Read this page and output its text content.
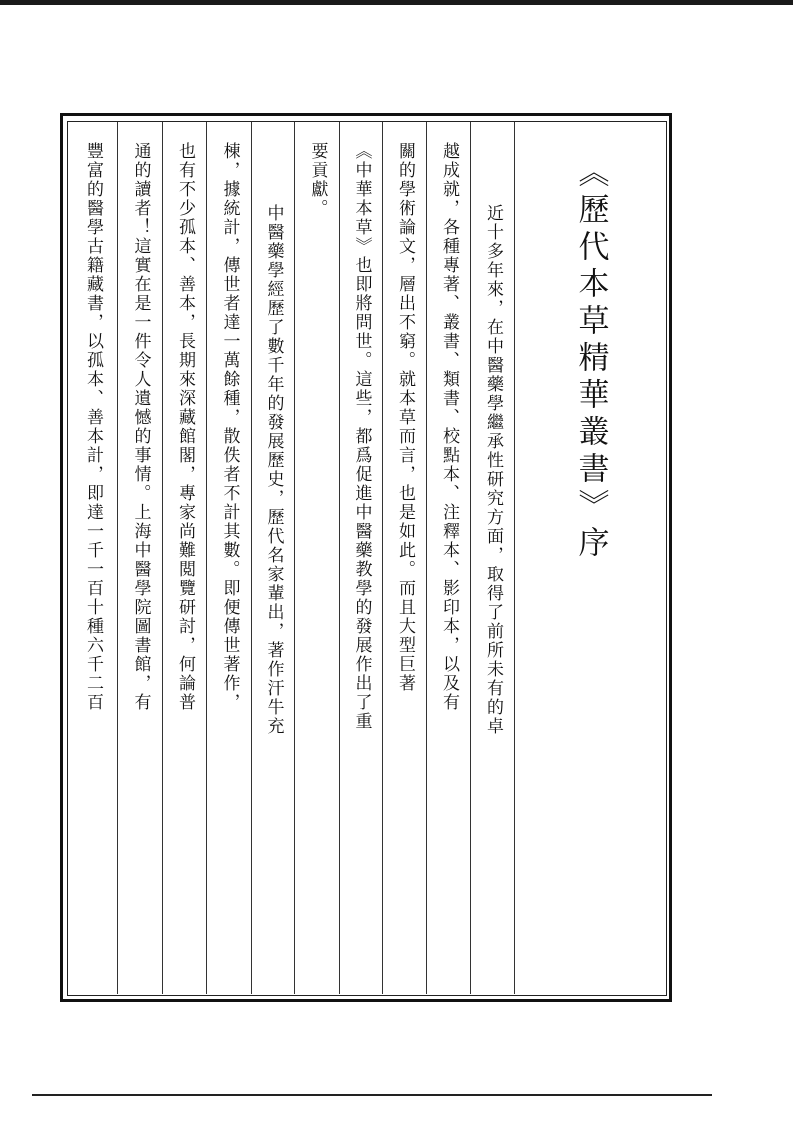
豐富的醫學古籍藏書，以孤本、善本計，即達一千一百十種六千二百 通的讀者！這實在是一件令人遺憾的事情。上海中醫學院圖書館，有 也有不少孤本、善本，長期來深藏館閣，專家尚難閲覽研討，何論普 棟，據統計，傳世者達一萬餘種，散佚者不計其數。即便傳世著作， 中醫藥學經歷了數千年的發展歷史，歷代名家輩出，著作汗牛充
要貢獻。 《中華本草》也即將問世。這些，都爲促進中醫藥教學的發展作出了重 關的學術論文，層出不窮。就本草而言，也是如此。而且大型巨著 越成就，各種專著、叢書、類書、校點本、注釋本、影印本，以及有 近十多年來，在中醫藥學繼承性研究方面，取得了前所未有的卓 《歷代本草精華叢書》序
